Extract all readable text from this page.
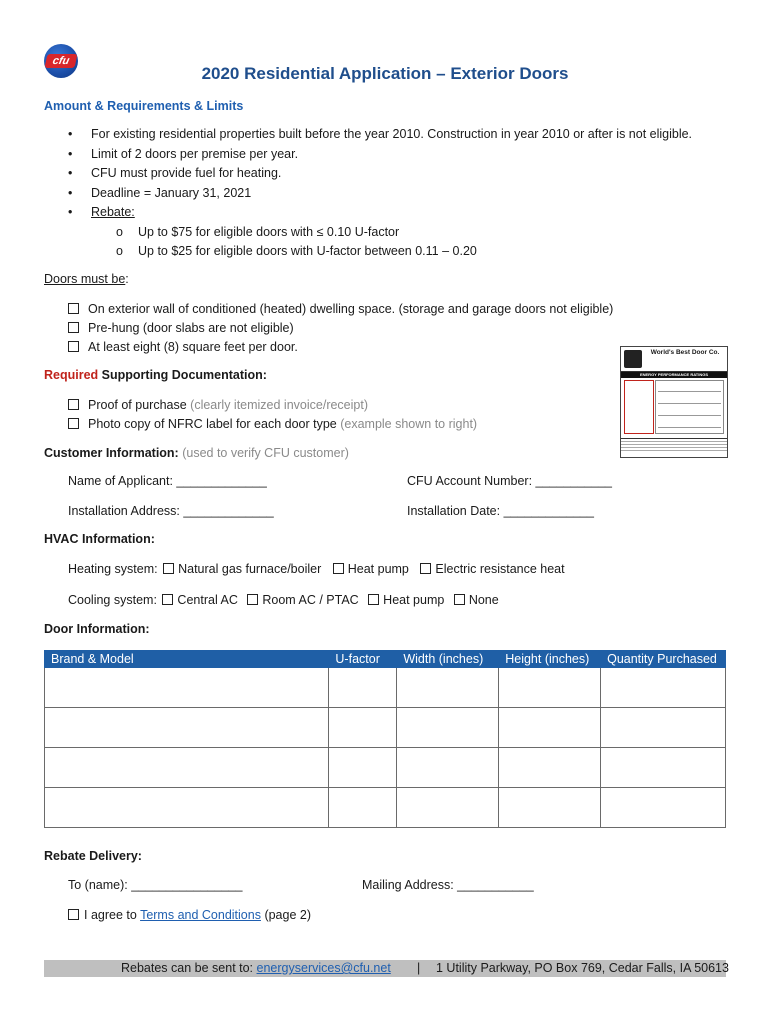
cfu
2020 Residential Application – Exterior Doors
Amount & Requirements & Limits
• For existing residential properties built before the year 2010. Construction in year 2010 or after is not eligible.
• Limit of 2 doors per premise per year.
• CFU must provide fuel for heating.
• Deadline = January 31, 2021
• Rebate:
o Up to $75 for eligible doors with ≤ 0.10 U-factor
o Up to $25 for eligible doors with U-factor between 0.11 – 0.20
Doors must be:
On exterior wall of conditioned (heated) dwelling space. (storage and garage doors not eligible)
Pre-hung (door slabs are not eligible)
At least eight (8) square feet per door.
Required Supporting Documentation:
Proof of purchase (clearly itemized invoice/receipt)
Photo copy of NFRC label for each door type (example shown to right)
World's Best Door Co.
ENERGY PERFORMANCE RATINGS
Customer Information: (used to verify CFU customer)
Name of Applicant: _____________	CFU Account Number: ___________
Installation Address: _____________	Installation Date: _____________
HVAC Information:
Heating system: Natural gas furnace/boiler Heat pump Electric resistance heat
Cooling system: Central AC Room AC / PTAC Heat pump None
Door Information:
Brand & Model	U-factor	Width (inches)	Height (inches)	Quantity Purchased

Rebate Delivery:
To (name): ________________	Mailing Address: ___________
I agree to Terms and Conditions (page 2)
Rebates can be sent to: energyservices@cfu.net | 1 Utility Parkway, PO Box 769, Cedar Falls, IA 50613
